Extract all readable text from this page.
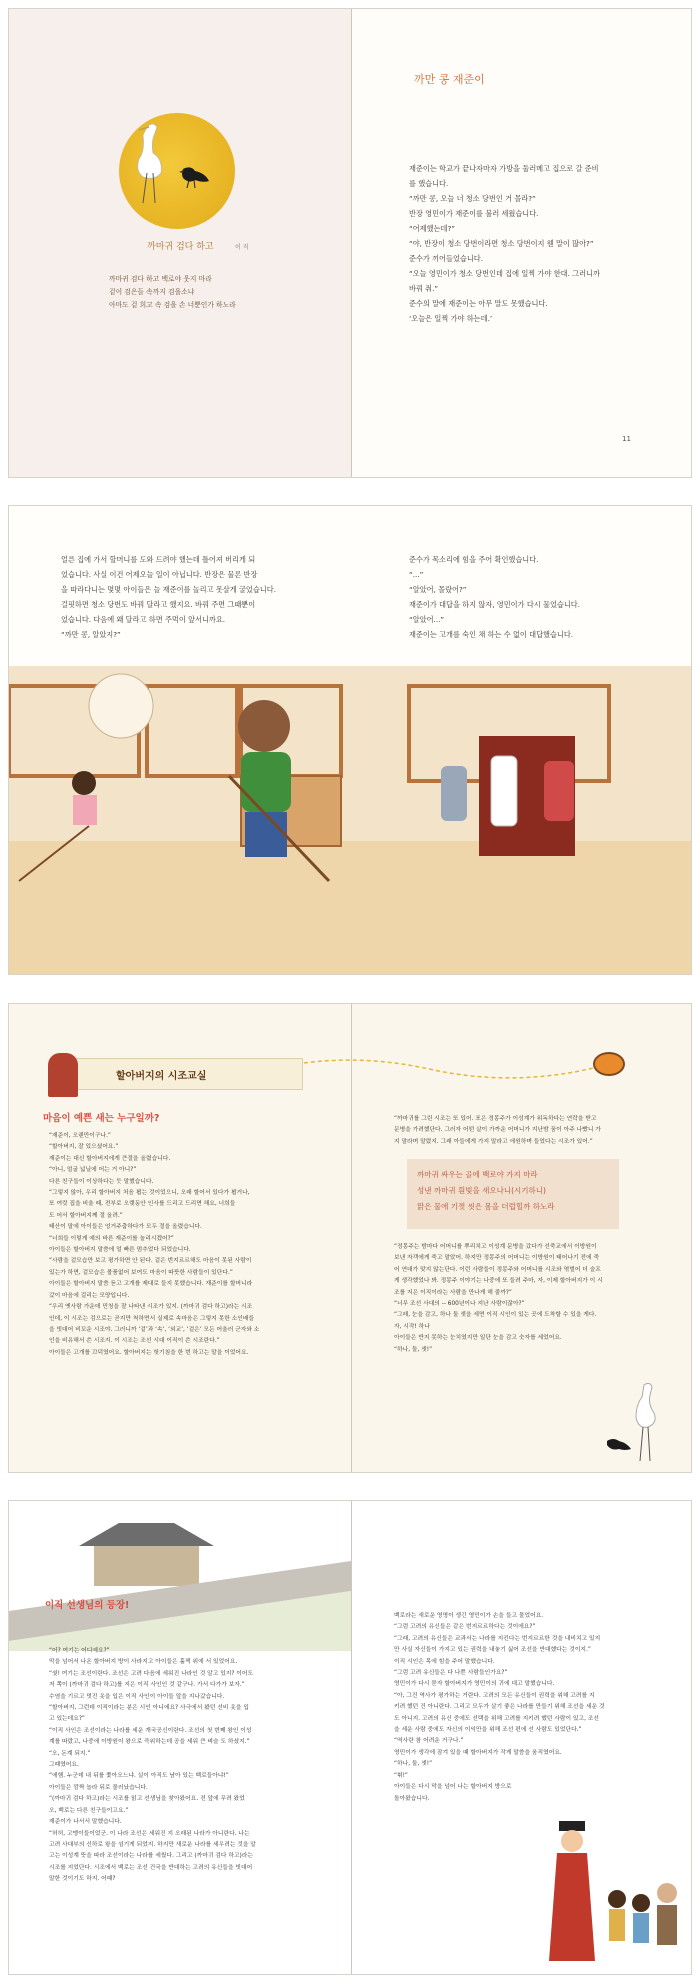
까마귀 검다 하고	이 직
까마귀 검다 하고 백로야 웃지 마라
겉이 검은들 속까지 검을소냐
아마도 겉 희고 속 검을 손 너뿐인가 하노라
까만 콩 재준이
재준이는 학교가 끝나자마자 가방을 둘러메고 집으로 갈 준비
를 했습니다.
“까만 콩, 오늘 너 청소 당번인 거 몰라?”
반장 영민이가 재준이를 불러 세웠습니다.
“어제했는데?”
“야, 반장이 청소 당번이라면 청소 당번이지 웬 말이 많아?”
준수가 끼어들었습니다.
“오늘 영민이가 청소 당번인데 집에 일찍 가야 한대. 그러니까
바꿔 줘.”
준수의 말에 재준이는 아무 말도 못했습니다.
‘오늘은 일찍 가야 하는데.’
11
얼른 집에 가서 할머니를 도와 드려야 했는데 틀어져 버리게 되
었습니다. 사실 이건 어제오늘 일이 아닙니다. 반장은 물론 반장
을 따라다니는 몇몇 아이들은 늘 재준이를 놀리고 못살게 굴었습니다.
걸핏하면 청소 당번도 바꿔 달라고 했지요. 바꿔 주면 그때뿐이
었습니다. 다음에 왜 달라고 하면 주먹이 앞서니까요.
“까만 콩, 알았지?”
준수가 목소리에 힘을 주어 확인했습니다.
“...”
“알았어, 몰랐어?”
재준이가 대답을 하지 않자, 영민이가 다시 물었습니다.
“알았어...”
재준이는 고개를 숙인 채 하는 수 없이 대답했습니다.
할아버지의 시조교실
마음이 예쁜 새는 누구일까?
“재준이, 오랜만이구나.”
“할아버지, 잘 있으셨어요.”
재준이는 대신 할아버지에게 큰절을 올렸습니다.
“아니, 얼굴 넓닐에 어는 거 아니?”
다른 친구들이 이상하다는 듯 말했습니다.
“그렇지 않아, 우리 할아버지 처음 뵙는 것이었으니, 오래 할어서 있다가 뵙거나,
또 여럿 집을 비울 때, 전부로 오랫동안 인사를 드리고 드리면 해요, 너희들
도 어서 할아버지께 절 올려.”
태산이 말에 아이들은 엉거주춤하다가 모두 절을 올렸습니다.
“너희들 이렇게 예의 바른 재준이를 놀리시겠어?”
아이들은 할아버지 말씀에 얼 빠른 멈추었다 되었습니다.
“사람을 겉모습만 보고 평가하면 안 된다. 겉은 번지르르해도 마음이 못된 사람이
있는가 하면, 겉모습은 볼품없어 보여도 마음이 따뜻한 사람들이 있단다.”
아이들은 할아버지 말씀 듣고 고개를 제대로 들지 못했습니다. 재준이를 할머니라
갔이 마음에 걸리는 모양입니다.
“우리 옛사람 가운데 민청을 잘 나타낸 시조가 있지. (까마귀 검다 하고)라는 시조
인데, 이 시조는 검으로는 곧지만 척하면서 실제로 속마음은 그렇지 못한 소인배들
을 빗대어 비꼬운 시조야. 그러니까 ‘겉’과 ‘속’, ‘외교’, ‘겉은’ 모든 어울러 군자와 소
인을 비유해서 쓴 시조지. 이 시조는 조선 시대 이직이 쓴 시조란다.”
아이들은 고개를 끄덕였어요. 할아버지는 헛기침을 한 번 하고는 말을 이었어요.
“까마귀를 그린 시조는 또 있어. 포은 정몽주가 이성계가 위독하다는 연락을 받고
문병을 가려했단다. 그러자 어떤 살이 가까운 어머니가 지난밤 꿈이 아주 나빴니 가
지 말라며 말렸지. 그래 아들에게 가지 말라고 애원하며 들었다는 시조가 있어.”
까마귀 싸우는 골에 백로야 가지 마라
성낸 까마귀 흰빛을 새오나니(시기하니)
맑은 물에 기껏 씻은 몸을 더럽힐까 하노라
“정몽주는 밤마다 어머니를 뿌리치고 이성계 문병을 갔다가 선죽교에서 이방원이
보낸 자객에게 죽고 말았어. 하지만 정몽주의 어머니는 이방원이 태어나기 전에 죽
어 연대가 맞지 않는단다. 이런 사람들이 정몽주와 어머니를 시조와 엮벌어 더 슬프
게 생각했었나 봐. 정몽주 이야기는 나중에 또 들려 주마, 자, 이제 할아버지가 이 시
조를 지은 이직이라는 사람을 만나게 해 줄까?”
“너무 조선 사대의 -- 600년이나 지난 사람이잖아?”
“그래, 눈을 감고, 하나 둘 셋을 세면 이직 시인이 있는 곳에 도착할 수 있을 게다.
자, 시작! 하나
아이들은 반지 못하는 눈치였지만 일단 눈을 감고 숫자를 세었어요.
“하나, 둘, 셋!”
이직 선생님의 등장!
“어? 여기는 어디예요?”
막을 넘어서 나온 할아버지 방이 사라지고 아이들은 훌쩍 위에 서 있었어요.
“쉿! 여기는 조선이란다. 조선은 고려 다음에 세워진 나라인 것 알고 있지? 이어도
저 쪽이 (까마귀 검다 하고)를 지은 이직 사인인 것 같구나. 가서 다가가 보자.”
수염을 기르고 멋진 옷을 입은 이직 사인이 아이들 앞을 지나갔습니다.
“할아버지, 그런데 이직이라는 분은 시인 아니에요? 사극에서 봤던 선비 옷을 입
고 있는데요?”
“이직 사인은 조선이라는 나라를 세운 개국공신이란다. 조선의 첫 번째 왕인 이성
계를 따랐고, 나중에 이방원이 왕으로 즉위하는데 공을 세워 큰 벼슬 도 하셨지.”
“오, 돈계 되지.”
그때였어요.
“에헴. 누군데 내 뒤를 쫓아오느냐. 실이 아직도 남아 있는 백로들아냐!”
아이들은 깜짝 놀라 뒤로 물러났습니다.
“(까마귀 검다 하고)라는 시조를 읽고 선생님을 찾아왔어요. 전 앞에 무려 왔었
오, 백로는 다른 친구들이고요.”
재준이가 나서서 말했습니다.
“허허, 고맹이들이었군. 이 나라 조선은 세워진 지 오래된 나라가 아니란다. 나는
고려 사대부의 신하로 왕을 섬기게 되었지. 하지만 새로운 나라를 세우려는 것을 알
고는 이성계 뜻을 따라 조선이라는 나라를 세웠다. 그리고 (까마귀 검다 하고)라는
시조를 지었단다. 시조에서 백로는 조선 건국을 반대하는 고려의 유신들을 빗대어
말한 것이기도 하지. 어때?
백로라는 새로운 영명이 생긴 영민이가 손을 들고 물었어요.
“그럼 고려의 유신들은 같은 번지르르하다는 것이에요?”
“그래, 고려의 유신들은 교과서는 나라를 지킨다는 번지르르한 것을 내비치고 있지
만 사실 자신들이 가지고 있는 권력을 내놓기 싫어 조선을 반대했다는 것이지.”
이직 시인은 목에 힘을 주어 말했습니다.
“그럼 고려 유신들은 다 나쁜 사람들인가요?”
영민이가 다시 묻자 할아버지가 영민이의 귀에 대고 말했습니다.
“아, 그건 역사가 평가하는 거란다. 고려의 모든 유신들이 권력을 위해 고려를 지
키려 했던 건 아니란다. 그리고 모두가 살기 좋은 나라를 만들기 위해 조선을 세운 것
도 아니지. 고려의 유신 중에도 선택을 위해 고려를 지키려 했던 사람이 있고, 조선
을 세운 사람 중에도 자신의 이익만을 위해 조선 편에 선 사람도 있었단다.”
“역사란 참 어려운 거구나.”
영민이가 생각에 잠겨 있을 때 할아버지가 작게 말씀을 움직였어요.
“하나, 둘, 셋!”
“휘!”
아이들은 다시 막을 넘어 나는 할아버지 방으로
돌아왔습니다.
